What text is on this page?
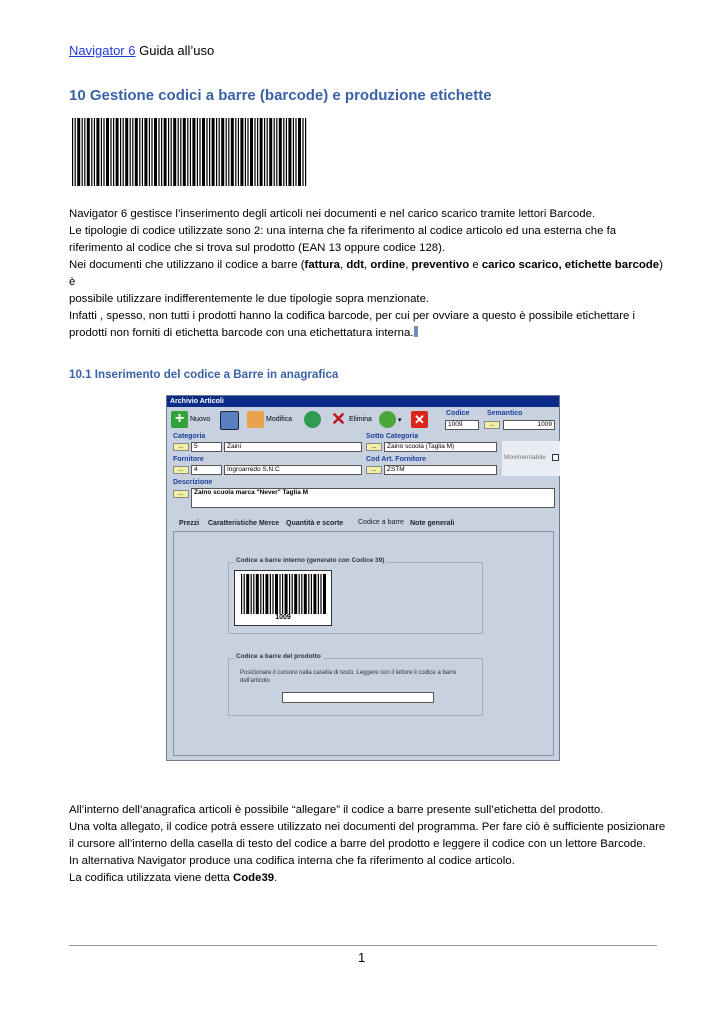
Navigator 6 Guida all’uso
10 Gestione codici a barre (barcode) e produzione etichette
Navigator 6 gestisce l’inserimento degli articoli nei documenti e nel carico scarico tramite lettori Barcode.
Le tipologie di codice utilizzate sono 2: una interna che fa riferimento al codice articolo ed una esterna che fa
riferimento al codice che si trova sul prodotto (EAN 13 oppure codice 128).
Nei documenti che utilizzano il codice a barre (fattura, ddt, ordine, preventivo e carico scarico, etichette barcode) è
possibile utilizzare indifferentemente le due tipologie sopra menzionate.
Infatti , spesso, non tutti i prodotti hanno la codifica barcode, per cui per ovviare a questo è possibile etichettare i
prodotti non forniti di etichetta barcode con una etichettatura interna.
10.1 Inserimento del codice a Barre in anagrafica
Archivio Articoli
+ Nuovo	Modifica ✕ Elimina	▾ ✕	Codice	Semantico
1009	...	1009
Categoria
...	5	Zaini
Sotto Categoria
...	Zaino scuola (Taglia M)
Fornitore
...	4	Ingroarredo S.N.C
Cod Art. Fornitore
...	ZSTM
Movimentabile
Descrizione
...	Zaino scuola marca "Never" Taglia M
Prezzi Caratteristiche Merce Quantità e scorte	Codice a barre Note generali
Codice a barre interno (generato con Codice 39)
1009
Codice a barre del prodotto
Posizionare il cursore nalla casella di testo. Leggere con il lettore il codice a barre
dell'articolo
All’interno dell’anagrafica articoli è possibile “allegare” il codice a barre presente sull’etichetta del prodotto.
Una volta allegato, il codice potrà essere utilizzato nei documenti del programma. Per fare ciò è sufficiente posizionare
il cursore all’interno della casella di testo del codice a barre del prodotto e leggere il codice con un lettore Barcode.
In alternativa Navigator produce una codifica interna che fa riferimento al codice articolo.
La codifica utilizzata viene detta Code39.
1
